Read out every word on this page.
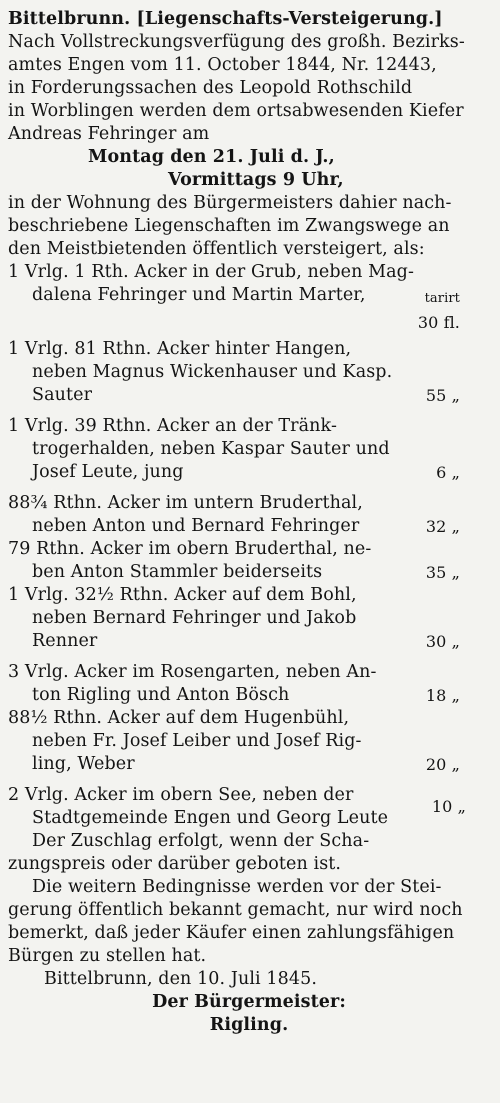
Bittelbrunn. [Liegenschafts-Versteigerung.]
Nach Vollstreckungsverfügung des großh. Bezirks-
amtes Engen vom 11. October 1844, Nr. 12443,
in Forderungssachen des Leopold Rothschild
in Worblingen werden dem ortsabwesenden Kiefer
Andreas Fehringer am
Montag den 21. Juli d. J.,
Vormittags 9 Uhr,
in der Wohnung des Bürgermeisters dahier nach-
beschriebene Liegenschaften im Zwangswege an
den Meistbietenden öffentlich versteigert, als:
1 Vrlg. 1 Rth. Acker in der Grub, neben Mag-
dalena Fehringer und Martin Marter,	tarirt
30 fl.
1 Vrlg. 81 Rthn. Acker hinter Hangen,
neben Magnus Wickenhauser und Kasp.
Sauter	55 „
1 Vrlg. 39 Rthn. Acker an der Tränk-
trogerhalden, neben Kaspar Sauter und
Josef Leute, jung	6 „
88¾ Rthn. Acker im untern Bruderthal,
neben Anton und Bernard Fehringer	32 „
79 Rthn. Acker im obern Bruderthal, ne-
ben Anton Stammler beiderseits	35 „
1 Vrlg. 32½ Rthn. Acker auf dem Bohl,
neben Bernard Fehringer und Jakob
Renner	30 „
3 Vrlg. Acker im Rosengarten, neben An-
ton Rigling und Anton Bösch	18 „
88½ Rthn. Acker auf dem Hugenbühl,
neben Fr. Josef Leiber und Josef Rig-
ling, Weber	20 „
2 Vrlg. Acker im obern See, neben der
Stadtgemeinde Engen und Georg Leute
10 „
Der Zuschlag erfolgt, wenn der Scha-
zungspreis oder darüber geboten ist.
Die weitern Bedingnisse werden vor der Stei-
gerung öffentlich bekannt gemacht, nur wird noch
bemerkt, daß jeder Käufer einen zahlungsfähigen
Bürgen zu stellen hat.
Bittelbrunn, den 10. Juli 1845.
Der Bürgermeister:
Rigling.
